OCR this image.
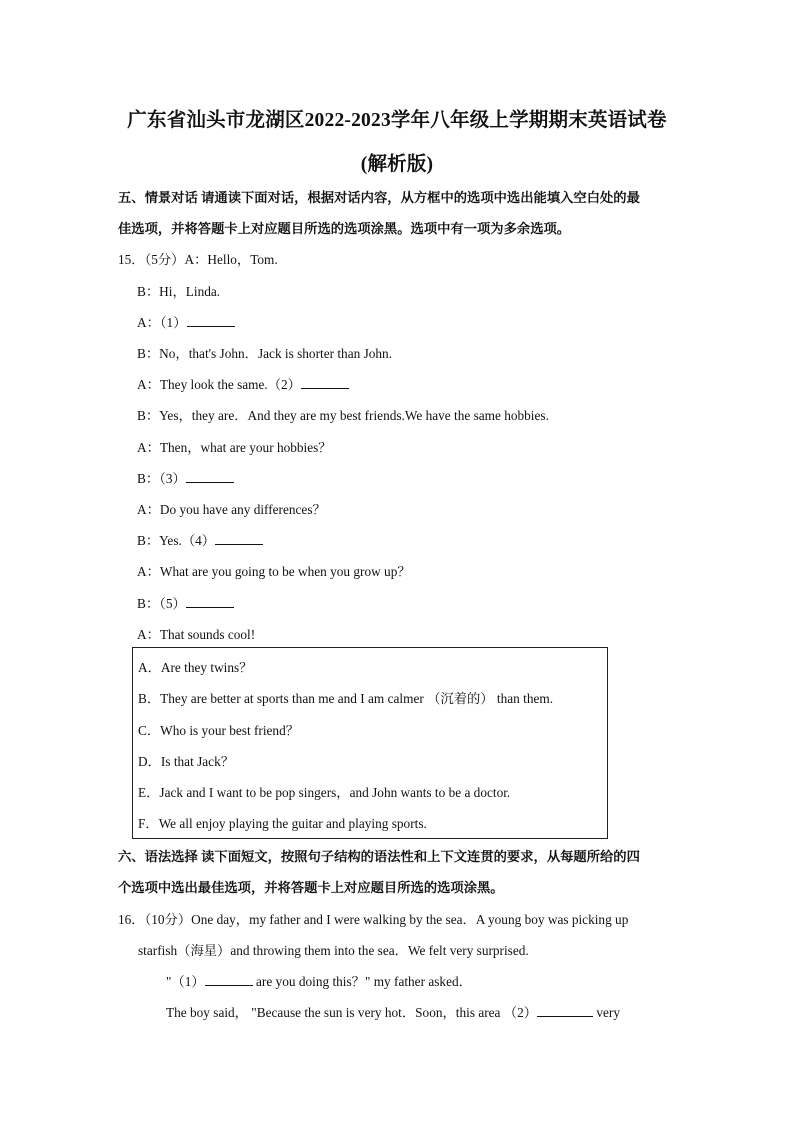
广东省汕头市龙湖区2022-2023学年八年级上学期期末英语试卷
(解析版)
五、情景对话 请通读下面对话，根据对话内容，从方框中的选项中选出能填入空白处的最
佳选项，并将答题卡上对应题目所选的选项涂黑。选项中有一项为多余选项。
15．（5分）A：Hello，Tom.
B：Hi，Linda.
A：（1）
B：No，that's John．Jack is shorter than John.
A：They look the same.（2）
B：Yes，they are．And they are my best friends.We have the same hobbies.
A：Then，what are your hobbies？
B：（3）
A：Do you have any differences？
B：Yes.（4）
A：What are you going to be when you grow up？
B：（5）
A：That sounds cool!
A．Are they twins？
B．They are better at sports than me and I am calmer （沉着的） than them.
C．Who is your best friend？
D．Is that Jack？
E．Jack and I want to be pop singers，and John wants to be a doctor.
F．We all enjoy playing the guitar and playing sports.
六、语法选择 读下面短文，按照句子结构的语法性和上下文连贯的要求，从每题所给的四
个选项中选出最佳选项，并将答题卡上对应题目所选的选项涂黑。
16．（10分）One day，my father and I were walking by the sea．A young boy was picking up
starfish（海星）and throwing them into the sea．We felt very surprised.
"（1）	are you doing this？" my father asked．
The boy said， "Because the sun is very hot．Soon，this area （2）	very
